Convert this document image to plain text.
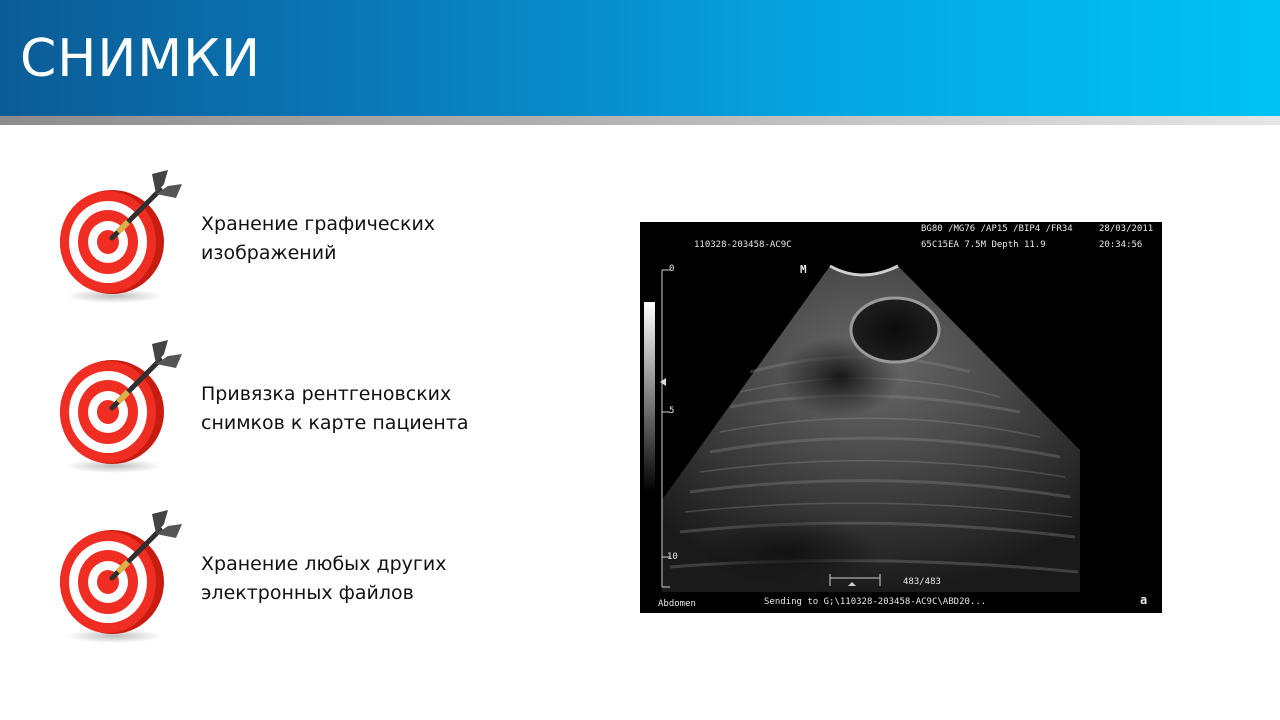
СНИМКИ
Хранение графических
изображений
Привязка рентгеновских
снимков к карте пациента
Хранение любых других
электронных файлов
BG80 /MG76 /AP15 /BIP4 /FR34	28/03/2011
110328-203458-AC9C	65C15EA 7.5M Depth 11.9	20:34:56
M
0
5
10
483/483
Abdomen	Sending to G;\110328-203458-AC9C\ABD20...	a
